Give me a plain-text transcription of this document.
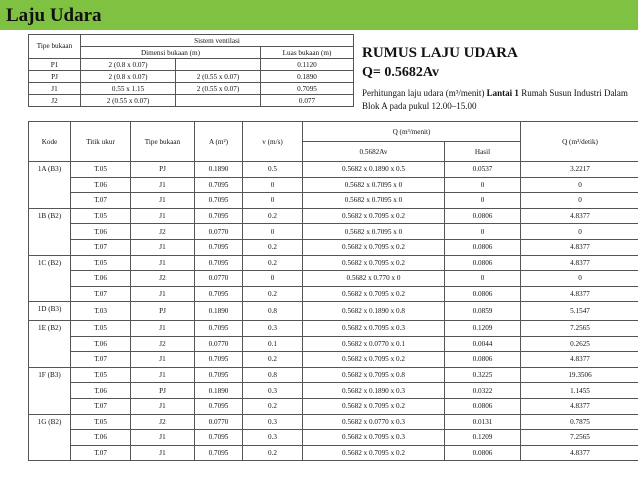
Laju Udara
Tipe bukaan	Sistem ventilasi		
	Dimensi bukaan (m)		Luas bukaan (m)
P1	2 (0.8 x 0.07)		0.1120
PJ	2 (0.8 x 0.07)	2 (0.55 x 0.07)	0.1890
J1	0.55 x 1.15	2 (0.55 x 0.07)	0.7095
J2	2 (0.55 x 0.07)		0.077
RUMUS LAJU UDARA
Q= 0.5682Av
Perhitungan laju udara (m³/menit) Lantai 1 Rumah Susun Industri Dalam Blok A pada pukul 12.00–15.00
Kode	Titik ukur	Tipe bukaan	A (m²)	v (m/s)	Q (m³/menit)		Q (m³/detik)
					0.5682Av	Hasil	
1A (B3)	T.05	PJ	0.1890	0.5	0.5682 x 0.1890 x 0.5	0.0537	3.2217
	T.06	J1	0.7095	0	0.5682 x 0.7095 x 0	0	0
	T.07	J1	0.7095	0	0.5682 x 0.7095 x 0	0	0
1B (B2)	T.05	J1	0.7095	0.2	0.5682 x 0.7095 x 0.2	0.0806	4.8377
	T.06	J2	0.0770	0	0.5682 x 0.7095 x 0	0	0
	T.07	J1	0.7095	0.2	0.5682 x 0.7095 x 0.2	0.0806	4.8377
1C (B2)	T.05	J1	0.7095	0.2	0.5682 x 0.7095 x 0.2	0.0806	4.8377
	T.06	J2	0.0770	0	0.5682 x 0.770 x 0	0	0
	T.07	J1	0.7095	0.2	0.5682 x 0.7095 x 0.2	0.0806	4.8377
1D (B3)	T.03	PJ	0.1890	0.8	0.5682 x 0.1890 x 0.8	0.0859	5.1547
1E (B2)	T.05	J1	0.7095	0.3	0.5682 x 0.7095 x 0.3	0.1209	7.2565
	T.06	J2	0.0770	0.1	0.5682 x 0.0770 x 0.1	0.0044	0.2625
	T.07	J1	0.7095	0.2	0.5682 x 0.7095 x 0.2	0.0806	4.8377
1F (B3)	T.05	J1	0.7095	0.8	0.5682 x 0.7095 x 0.8	0.3225	19.3506
	T.06	PJ	0.1890	0.3	0.5682 x 0.1890 x 0.3	0.0322	1.1455
	T.07	J1	0.7095	0.2	0.5682 x 0.7095 x 0.2	0.0806	4.8377
1G (B2)	T.05	J2	0.0770	0.3	0.5682 x 0.0770 x 0.3	0.0131	0.7875
	T.06	J1	0.7095	0.3	0.5682 x 0.7095 x 0.3	0.1209	7.2565
	T.07	J1	0.7095	0.2	0.5682 x 0.7095 x 0.2	0.0806	4.8377
